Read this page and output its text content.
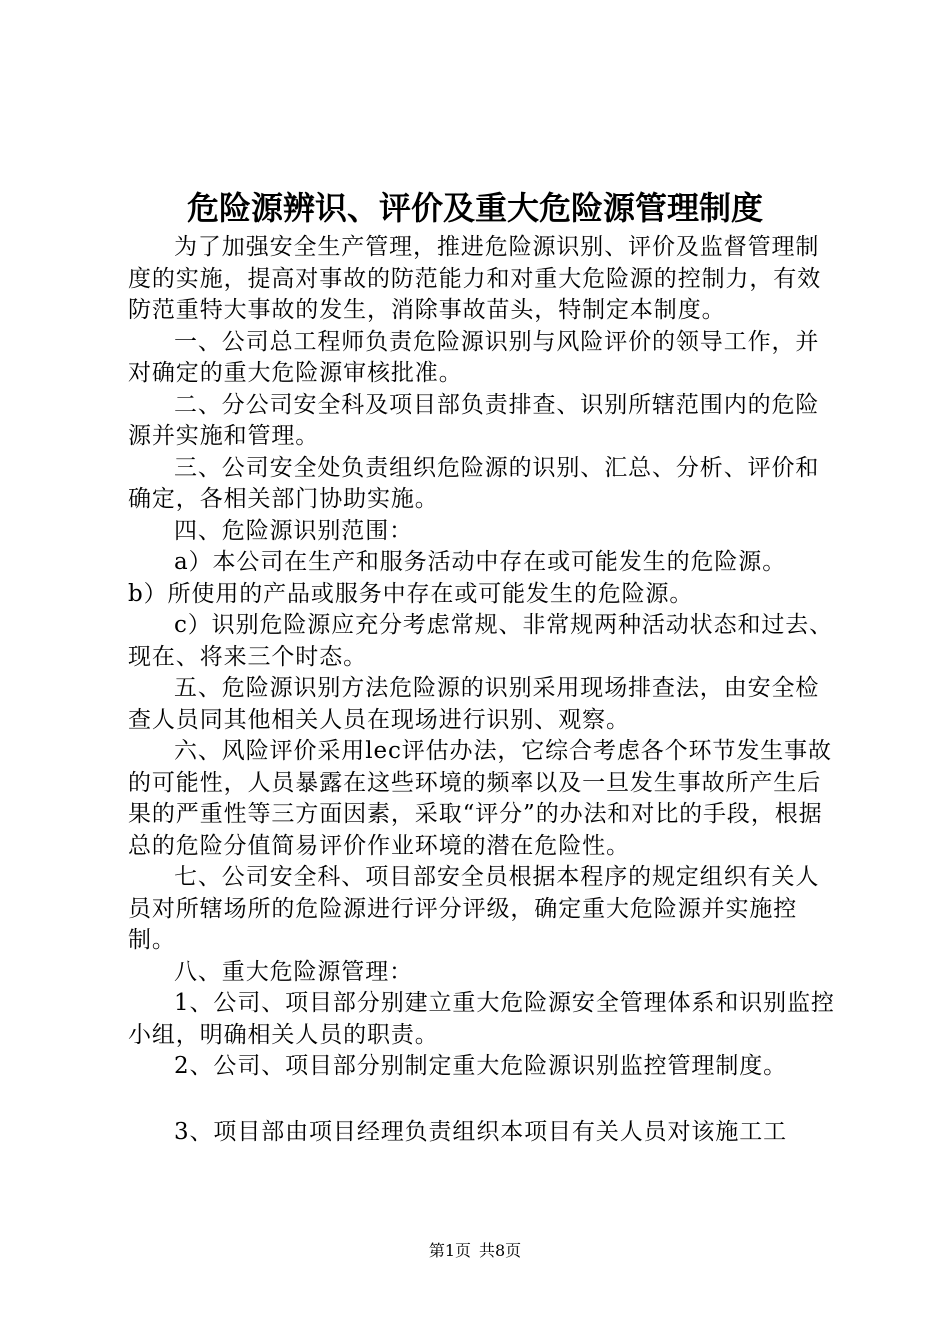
危险源辨识、评价及重大危险源管理制度

为了加强安全生产管理，推进危险源识别、评价及监督管理制度的实施，提高对事故的防范能力和对重大危险源的控制力，有效防范重特大事故的发生，消除事故苗头，特制定本制度。

一、公司总工程师负责危险源识别与风险评价的领导工作，并对确定的重大危险源审核批准。

二、分公司安全科及项目部负责排查、识别所辖范围内的危险源并实施和管理。

三、公司安全处负责组织危险源的识别、汇总、分析、评价和确定，各相关部门协助实施。

四、危险源识别范围：

a）本公司在生产和服务活动中存在或可能发生的危险源。

b）所使用的产品或服务中存在或可能发生的危险源。

c）识别危险源应充分考虑常规、非常规两种活动状态和过去、现在、将来三个时态。

五、危险源识别方法危险源的识别采用现场排查法，由安全检查人员同其他相关人员在现场进行识别、观察。

六、风险评价采用lec评估办法，它综合考虑各个环节发生事故的可能性，人员暴露在这些环境的频率以及一旦发生事故所产生后果的严重性等三方面因素，采取“评分”的办法和对比的手段，根据总的危险分值简易评价作业环境的潜在危险性。

七、公司安全科、项目部安全员根据本程序的规定组织有关人员对所辖场所的危险源进行评分评级，确定重大危险源并实施控制。

八、重大危险源管理：

1、公司、项目部分别建立重大危险源安全管理体系和识别监控小组，明确相关人员的职责。

2、公司、项目部分别制定重大危险源识别监控管理制度。

3、项目部由项目经理负责组织本项目有关人员对该施工工

第1页 共8页
